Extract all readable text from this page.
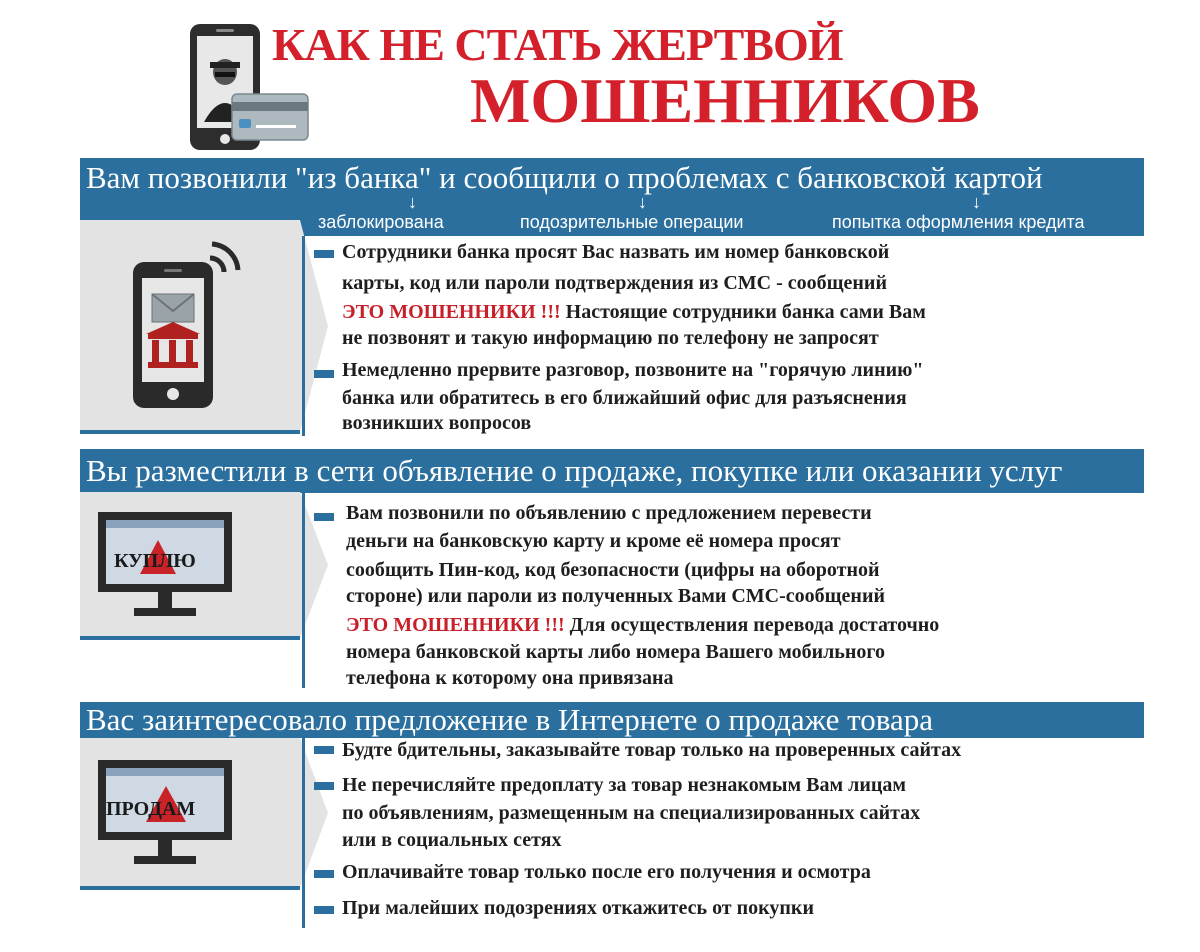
КАК НЕ СТАТЬ ЖЕРТВОЙ
МОШЕННИКОВ
Вам позвонили "из банка" и сообщили о проблемах с банковской картой
↓	↓	↓
заблокирована	подозрительные операции	попытка оформления кредита
Сотрудники банка просят Вас назвать им номер банковской
карты, код или пароли подтверждения из СМС - сообщений
ЭТО МОШЕННИКИ !!! Настоящие сотрудники банка сами Вам
не позвонят и такую информацию по телефону не запросят
Немедленно прервите разговор, позвоните на "горячую линию"
банка или обратитесь в его ближайший офис для разъяснения
возникших вопросов
Вы разместили в сети объявление о продаже, покупке или оказании услуг
КУПЛЮ
Вам позвонили по объявлению с предложением перевести
деньги на банковскую карту и кроме её номера просят
сообщить Пин-код, код безопасности (цифры на оборотной
стороне) или пароли из полученных Вами СМС-сообщений
ЭТО МОШЕННИКИ !!! Для осуществления перевода достаточно
номера банковской карты либо номера Вашего мобильного
телефона к которому она привязана
Вас заинтересовало предложение в Интернете о продаже товара
ПРОДАМ
Будте бдительны, заказывайте товар только на проверенных сайтах
Не перечисляйте предоплату за товар незнакомым Вам лицам
по объявлениям, размещенным на специализированных сайтах
или в социальных сетях
Оплачивайте товар только после его получения и осмотра
При малейших подозрениях откажитесь от покупки
